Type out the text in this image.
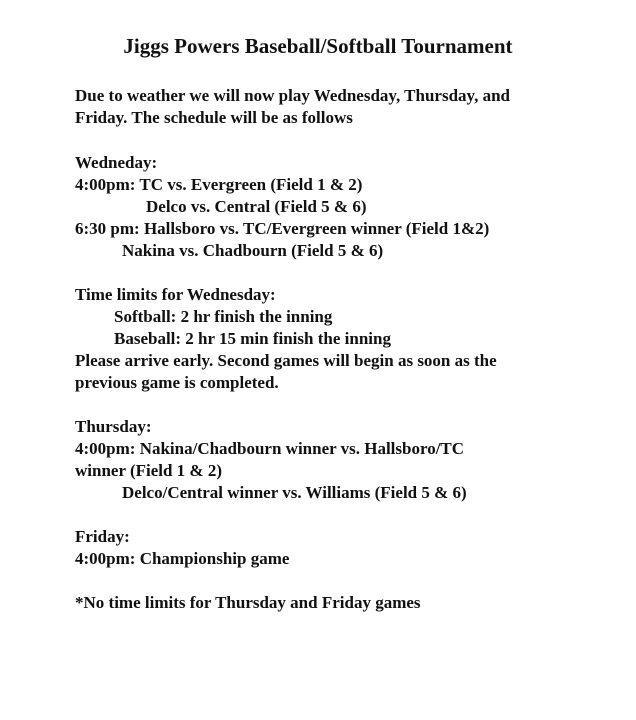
Jiggs Powers Baseball/Softball Tournament
Due to weather we will now play Wednesday, Thursday, and
Friday. The schedule will be as follows
Wedneday:
4:00pm: TC vs. Evergreen (Field 1 & 2)
Delco vs. Central (Field 5 & 6)
6:30 pm: Hallsboro vs. TC/Evergreen winner (Field 1&2)
Nakina vs. Chadbourn (Field 5 & 6)
Time limits for Wednesday:
Softball: 2 hr finish the inning
Baseball: 2 hr 15 min finish the inning
Please arrive early. Second games will begin as soon as the
previous game is completed.
Thursday:
4:00pm: Nakina/Chadbourn winner vs. Hallsboro/TC
winner (Field 1 & 2)
Delco/Central winner vs. Williams (Field 5 & 6)
Friday:
4:00pm: Championship game
*No time limits for Thursday and Friday games
